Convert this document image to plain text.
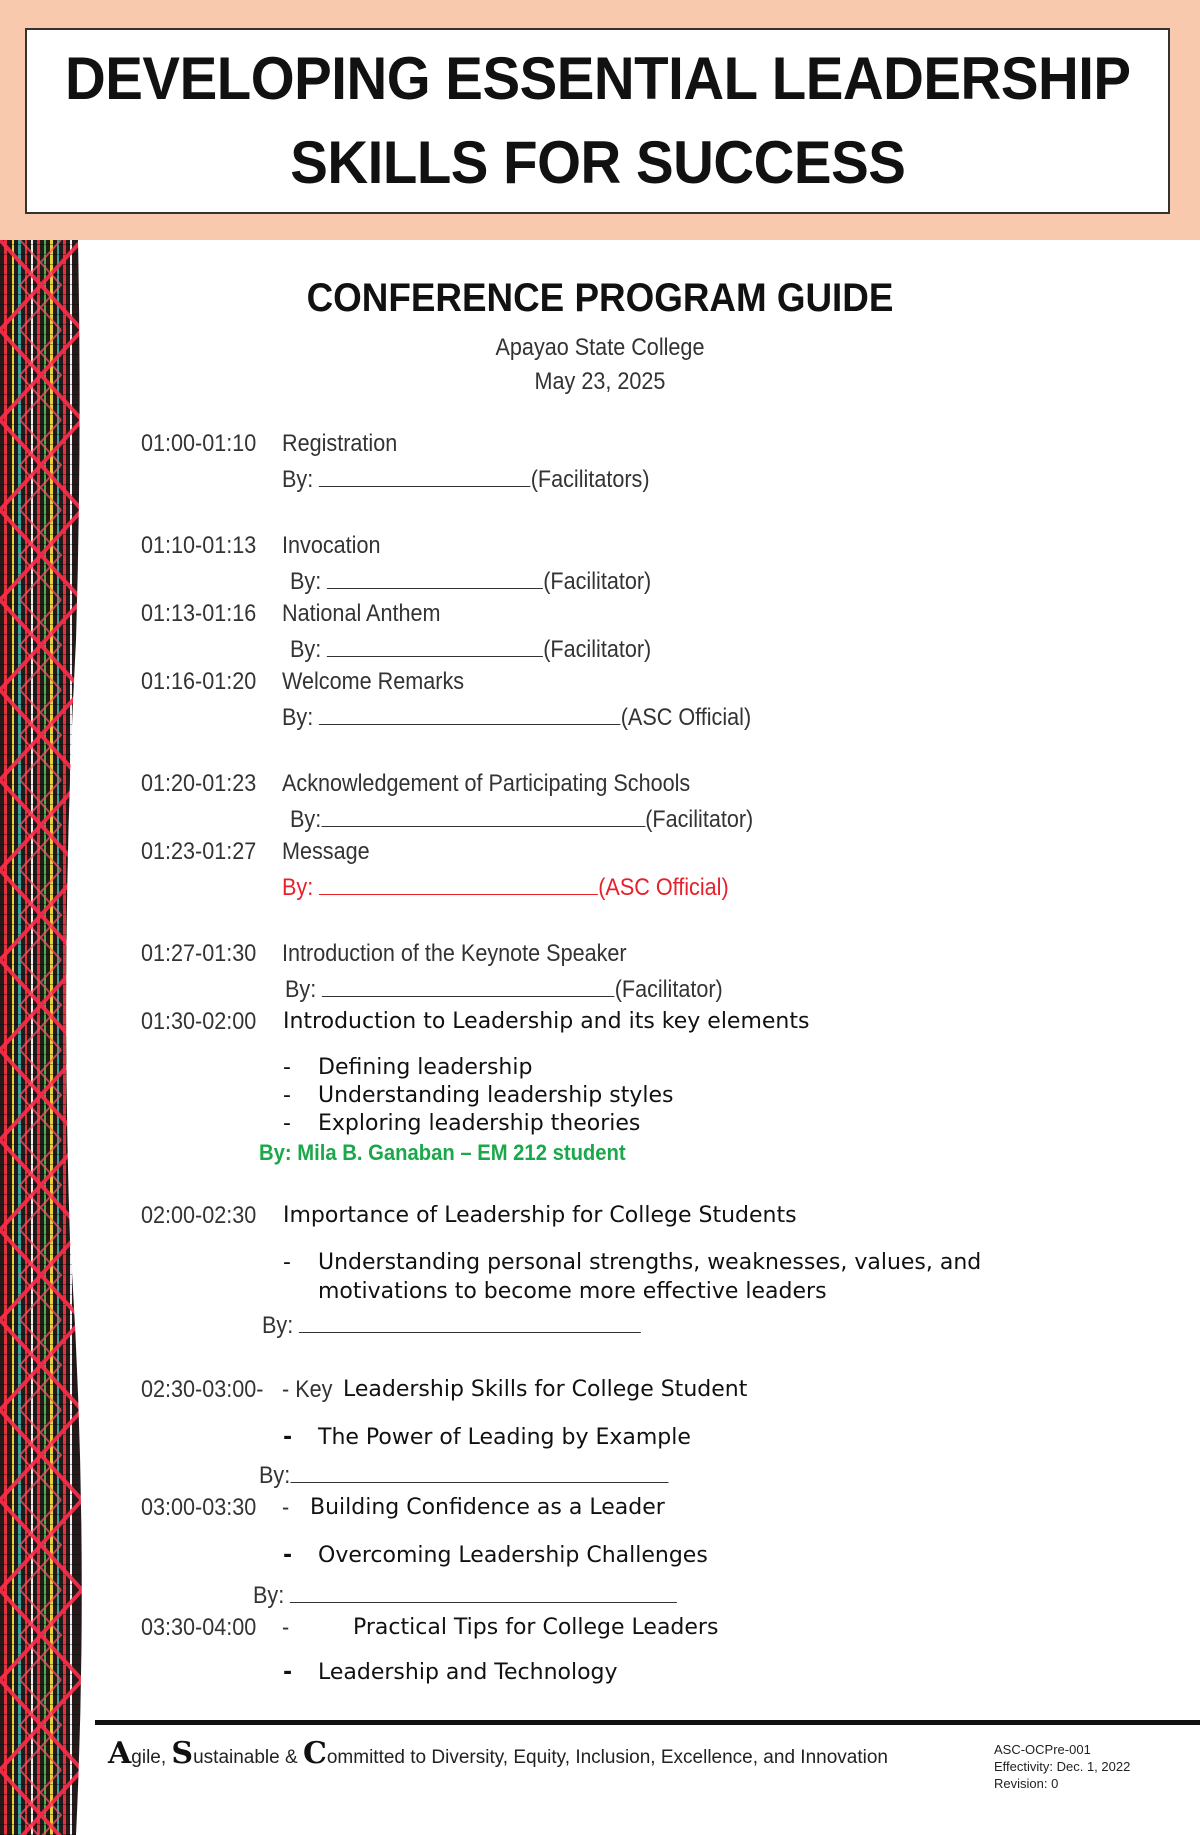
DEVELOPING ESSENTIAL LEADERSHIP
SKILLS FOR SUCCESS
CONFERENCE PROGRAM GUIDE
Apayao State College
May 23, 2025
01:00-01:10 Registration
By:	(Facilitators)
01:10-01:13 Invocation
By:	(Facilitator)
01:13-01:16 National Anthem
By:	(Facilitator)
01:16-01:20 Welcome Remarks
By:	(ASC Official)
01:20-01:23 Acknowledgement of Participating Schools
By:	(Facilitator)
01:23-01:27 Message
By:	(ASC Official)
01:27-01:30 Introduction of the Keynote Speaker
By:	(Facilitator)
01:30-02:00 Introduction to Leadership and its key elements
- Defining leadership
- Understanding leadership styles
- Exploring leadership theories
By: Mila B. Ganaban – EM 212 student
02:00-02:30 Importance of Leadership for College Students
- Understanding personal strengths, weaknesses, values, and
motivations to become more effective leaders
By:
02:30-03:00- - Key Leadership Skills for College Student
- The Power of Leading by Example
By:
03:00-03:30 - Building Confidence as a Leader
- Overcoming Leadership Challenges
By:
03:30-04:00 -	Practical Tips for College Leaders
- Leadership and Technology
Agile, Sustainable & Committed to Diversity, Equity, Inclusion, Excellence, and Innovation	ASC-OCPre-001
Effectivity: Dec. 1, 2022
Revision: 0
